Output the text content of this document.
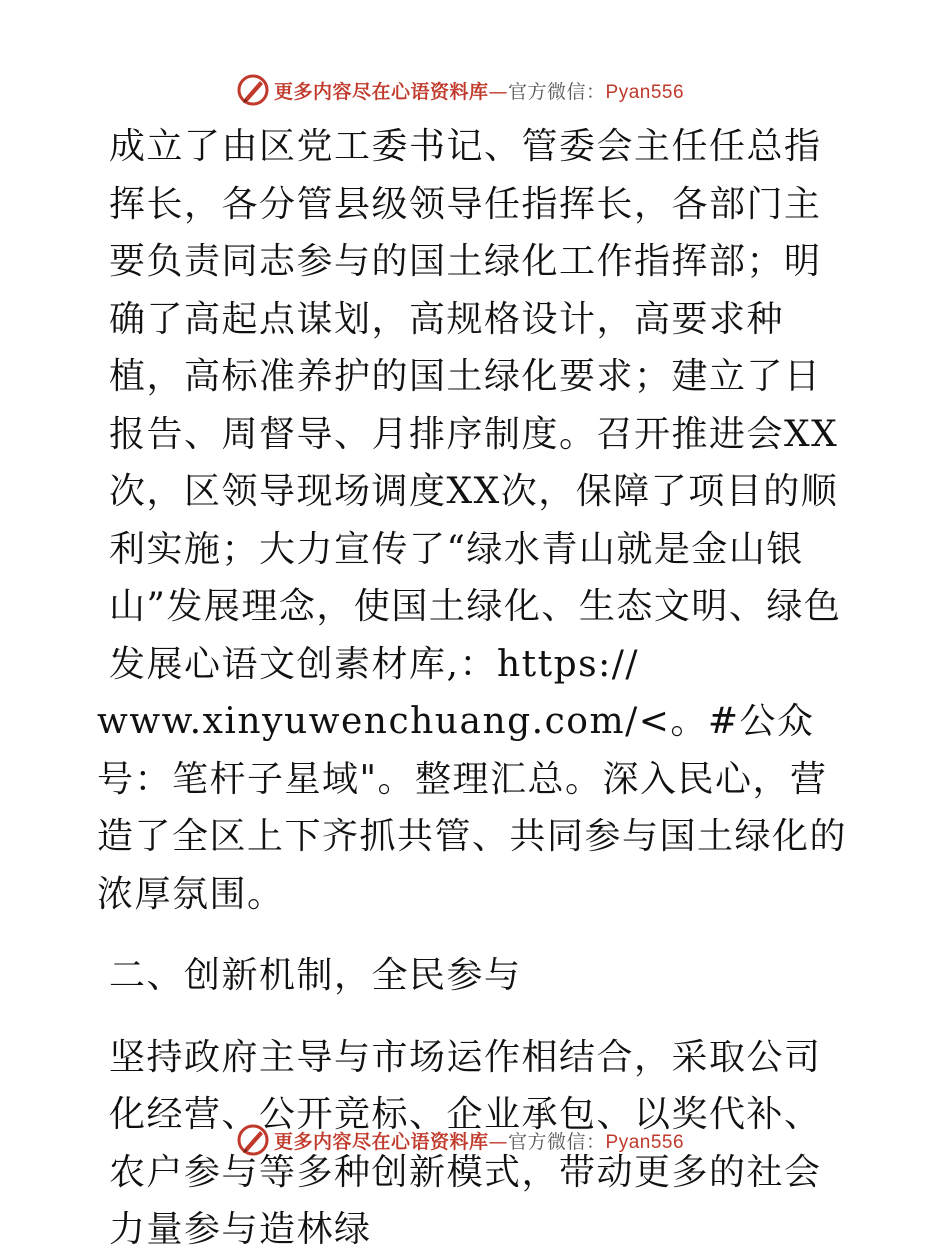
更多内容尽在心语资料库—官方微信：Pyan556

成立了由区党工委书记、管委会主任任总指挥长，各分管县级领导任指挥长，各部门主要负责同志参与的国土绿化工作指挥部；明确了高起点谋划，高规格设计，高要求种植，高标准养护的国土绿化要求；建立了日报告、周督导、月排序制度。召开推进会XX次，区领导现场调度XX次，保障了项目的顺利实施；大力宣传了“绿水青山就是金山银山”发展理念，使国土绿化、生态文明、绿色发展心语文创素材库,：https://

www.xinyuwenchuang.com/<。#公众号：笔杆子星域"。整理汇总。深入民心，营造了全区上下齐抓共管、共同参与国土绿化的浓厚氛围。

二、创新机制，全民参与

坚持政府主导与市场运作相结合，采取公司化经营、公开竞标、企业承包、以奖代补、农户参与等多种创新模式，带动更多的社会力量参与造林绿

更多内容尽在心语资料库—官方微信：Pyan556
